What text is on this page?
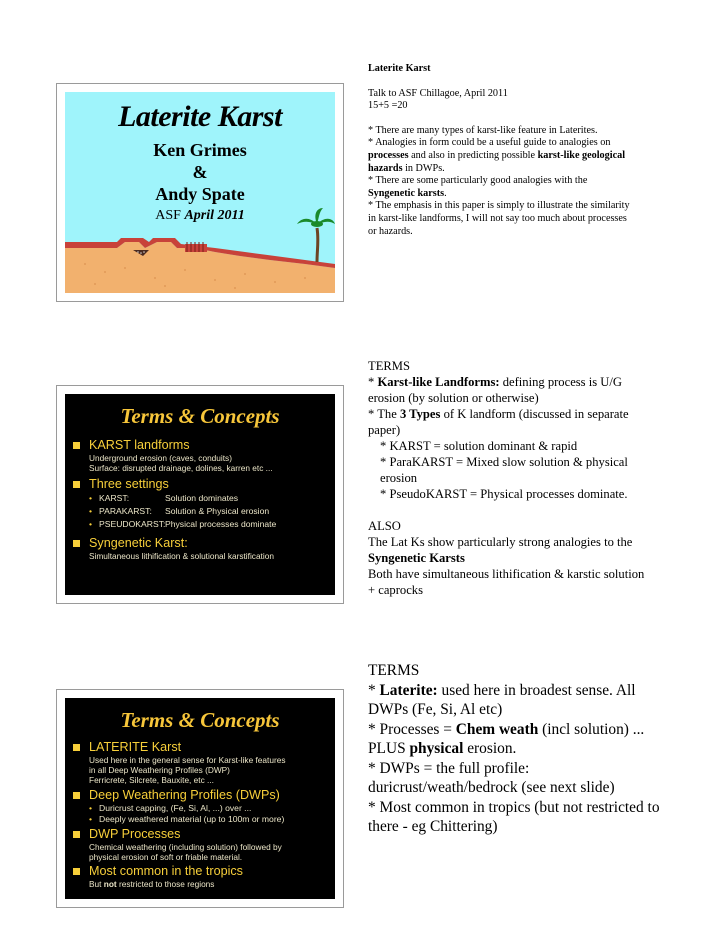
Laterite Karst
Ken Grimes
&
Andy Spate
ASF April 2011
Laterite Karst
Talk to ASF Chillagoe, April 2011
15+5 =20
* There are many types of karst-like feature in Laterites.
* Analogies in form could be a useful guide to analogies on processes and also in predicting possible karst-like geological hazards in DWPs.
* There are some particularly good analogies with the Syngenetic karsts.
* The emphasis in this paper is simply to illustrate the similarity in karst-like landforms, I will not say too much about processes or hazards.
Terms & Concepts
KARST landforms
Underground erosion (caves, conduits)
Surface: disrupted drainage, dolines, karren etc ...
Three settings
• KARST:	Solution dominates
• PARAKARST: Solution & Physical erosion
• PSEUDOKARST:Physical processes dominate
Syngenetic Karst:
Simultaneous lithification & solutional karstification
TERMS
* Karst-like Landforms: defining process is U/G erosion (by solution or otherwise)
* The 3 Types of K landform (discussed in separate paper)
* KARST = solution dominant & rapid
* ParaKARST = Mixed slow solution & physical erosion
* PseudoKARST = Physical processes dominate.
ALSO
The Lat Ks show particularly strong analogies to the Syngenetic Karsts
Both have simultaneous lithification & karstic solution + caprocks
Terms & Concepts
LATERITE Karst
Used here in the general sense for Karst-like features
in all Deep Weathering Profiles (DWP)
Ferricrete, Silcrete, Bauxite, etc ...
Deep Weathering Profiles (DWPs)
• Duricrust capping, (Fe, Si, Al, ...) over ...
• Deeply weathered material (up to 100m or more)
DWP Processes
Chemical weathering (including solution) followed by
physical erosion of soft or friable material.
Most common in the tropics
But not restricted to those regions
TERMS
* Laterite: used here in broadest sense. All DWPs (Fe, Si, Al etc)
* Processes = Chem weath (incl solution) ... PLUS physical erosion.
* DWPs = the full profile: duricrust/weath/bedrock (see next slide)
* Most common in tropics (but not restricted to there - eg Chittering)
